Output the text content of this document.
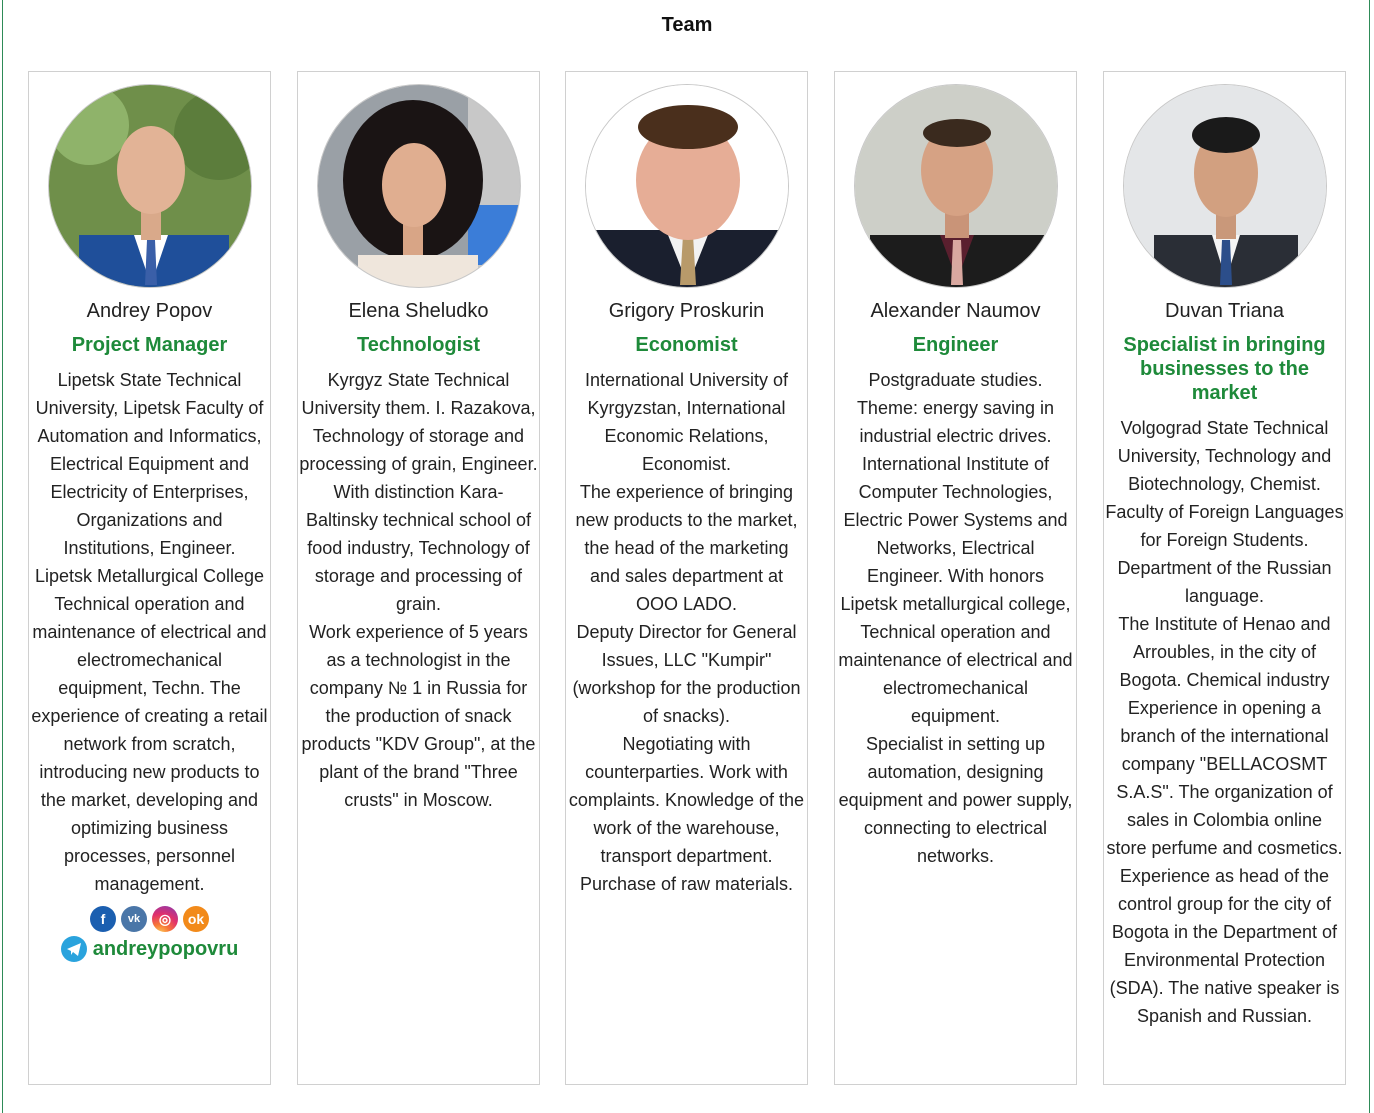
Team
Andrey Popov
Project Manager
Lipetsk State Technical University, Lipetsk Faculty of Automation and Informatics, Electrical Equipment and Electricity of Enterprises, Organizations and Institutions, Engineer.
Lipetsk Metallurgical College Technical operation and maintenance of electrical and electromechanical equipment, Techn. The experience of creating a retail network from scratch, introducing new products to the market, developing and optimizing business processes, personnel management.
f	vk	◎	ok
andreypopovru
Elena Sheludko
Technologist
Kyrgyz State Technical University them. I. Razakova, Technology of storage and processing of grain, Engineer.
With distinction Kara-Baltinsky technical school of food industry, Technology of storage and processing of grain.
Work experience of 5 years as a technologist in the company № 1 in Russia for the production of snack products "KDV Group", at the plant of the brand "Three crusts" in Moscow.
Grigory Proskurin
Economist
International University of Kyrgyzstan, International Economic Relations, Economist.
The experience of bringing new products to the market, the head of the marketing and sales department at OOO LADO.
Deputy Director for General Issues, LLC "Kumpir" (workshop for the production of snacks).
Negotiating with counterparties. Work with complaints. Knowledge of the work of the warehouse, transport department. Purchase of raw materials.
Alexander Naumov
Engineer
Postgraduate studies. Theme: energy saving in industrial electric drives.
International Institute of Computer Technologies, Electric Power Systems and Networks, Electrical Engineer. With honors Lipetsk metallurgical college, Technical operation and maintenance of electrical and electromechanical equipment.
Specialist in setting up automation, designing equipment and power supply, connecting to electrical networks.
Duvan Triana
Specialist in bringing businesses to the market
Volgograd State Technical University, Technology and Biotechnology, Chemist.
Faculty of Foreign Languages for Foreign Students. Department of the Russian language.
The Institute of Henao and Arroubles, in the city of Bogota. Chemical industry Experience in opening a branch of the international company "BELLACOSMT S.A.S". The organization of sales in Colombia online store perfume and cosmetics. Experience as head of the control group for the city of Bogota in the Department of Environmental Protection (SDA). The native speaker is Spanish and Russian.
